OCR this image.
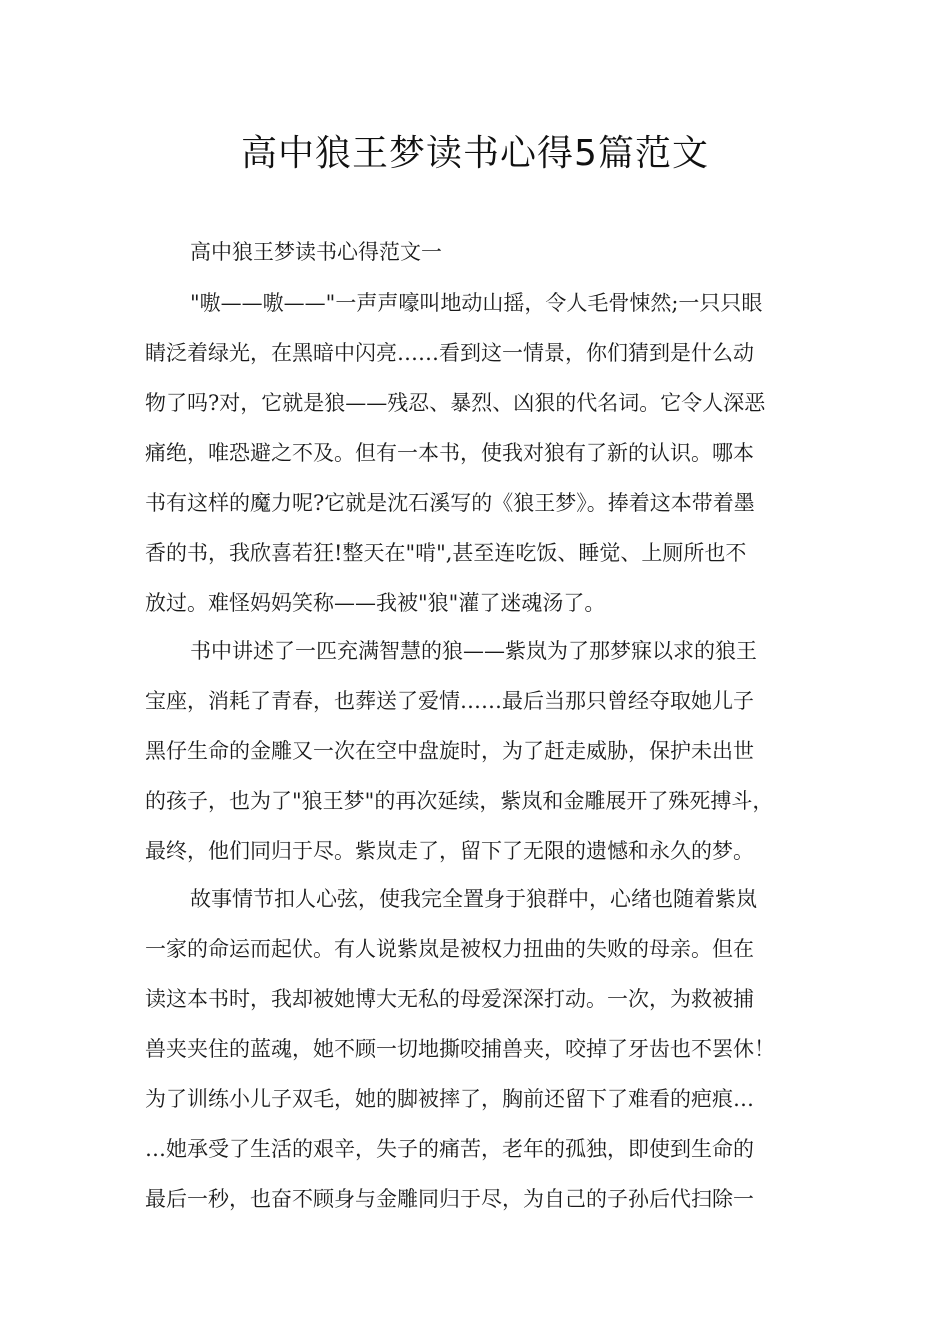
高中狼王梦读书心得5篇范文
高中狼王梦读书心得范文一
"嗷——嗷——"一声声嚎叫地动山摇，令人毛骨悚然;一只只眼
睛泛着绿光，在黑暗中闪亮……看到这一情景，你们猜到是什么动
物了吗?对，它就是狼——残忍、暴烈、凶狠的代名词。它令人深恶
痛绝，唯恐避之不及。但有一本书，使我对狼有了新的认识。哪本
书有这样的魔力呢?它就是沈石溪写的《狼王梦》。捧着这本带着墨
香的书，我欣喜若狂!整天在"啃",甚至连吃饭、睡觉、上厕所也不
放过。难怪妈妈笑称——我被"狼"灌了迷魂汤了。
书中讲述了一匹充满智慧的狼——紫岚为了那梦寐以求的狼王
宝座，消耗了青春，也葬送了爱情……最后当那只曾经夺取她儿子
黑仔生命的金雕又一次在空中盘旋时，为了赶走威胁，保护未出世
的孩子，也为了"狼王梦"的再次延续，紫岚和金雕展开了殊死搏斗，
最终，他们同归于尽。紫岚走了，留下了无限的遗憾和永久的梦。
故事情节扣人心弦，使我完全置身于狼群中，心绪也随着紫岚
一家的命运而起伏。有人说紫岚是被权力扭曲的失败的母亲。但在
读这本书时，我却被她博大无私的母爱深深打动。一次，为救被捕
兽夹夹住的蓝魂，她不顾一切地撕咬捕兽夹，咬掉了牙齿也不罢休！
为了训练小儿子双毛，她的脚被摔了，胸前还留下了难看的疤痕…
…她承受了生活的艰辛，失子的痛苦，老年的孤独，即使到生命的
最后一秒，也奋不顾身与金雕同归于尽，为自己的子孙后代扫除一
